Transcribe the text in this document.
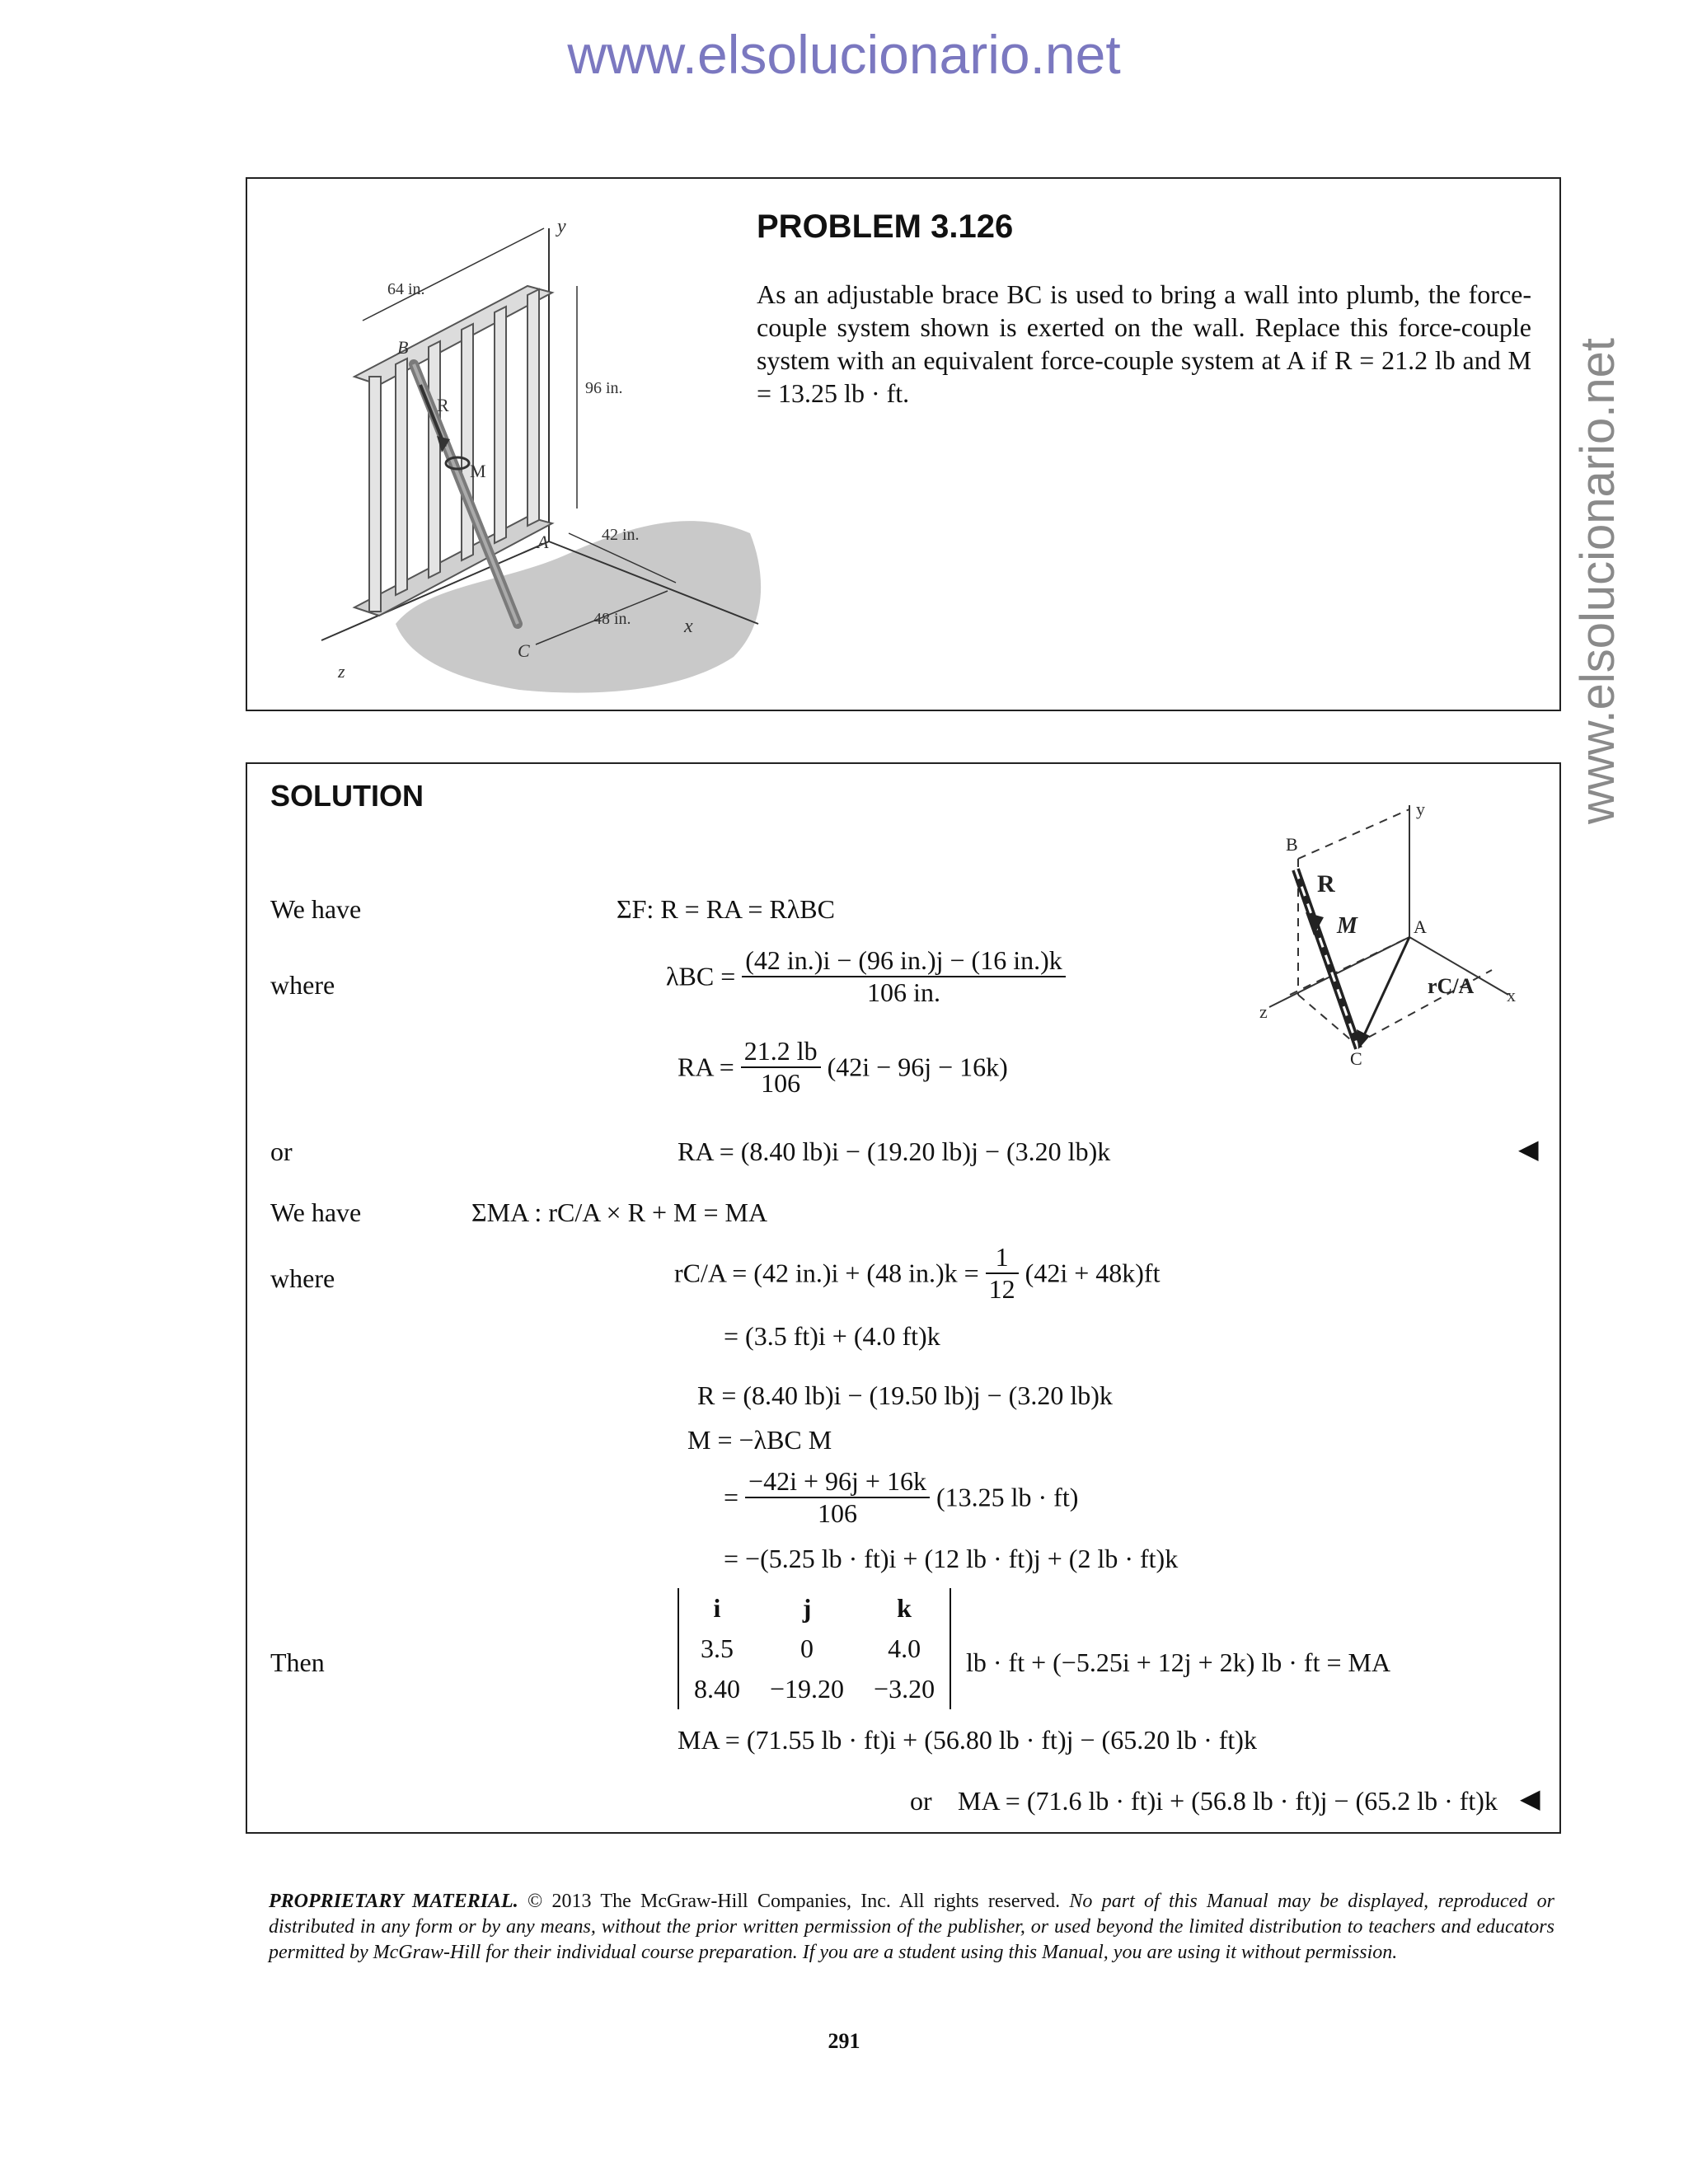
www.elsolucionario.net
www.elsolucionario.net
y
x
z
R
M
B
A
C
64 in.
96 in.
42 in.
48 in.
PROBLEM 3.126
As an adjustable brace BC is used to bring a wall into plumb, the force-couple system shown is exerted on the wall. Replace this force-couple system with an equivalent force-couple system at A if R = 21.2 lb and M = 13.25 lb · ft.
SOLUTION	y
x
z
R
M
B
A
rC/A
C
We have	ΣF: R = RA = RλBC
where	$\lambda BC = \frac{(42 in.)i - (96 in.)j - (16 in.)k}{106 in.}$
RA = $\frac{21.2 lb}{106} (42i - 96j - 16k)$
or	RA = (8.40 lb)i − (19.20 lb)j − (3.20 lb)k	◀
We have	ΣMA : rC/A × R + M = MA
where	rC/A = (42 in.)i + (48 $in.)k = \frac{1}{12} (42i + 48k)ft$
= (3.5 ft)i + (4.0 ft)k
R = (8.40 lb)i − (19.50 lb)j − (3.20 lb)k
M = −λBC M
= $\frac{-42i + 96j + 16k}{106} (13.25$ lb · ft)
= −(5.25 lb · ft)i + (12 lb · ft)j + (2 lb · ft)k
Then
i	j	k
3.5	0	4.0
8.40	−19.20	−3.20
lb · ft + (−5.25i + 12j + 2k) lb · ft = MA
MA = (71.55 lb · ft)i + (56.80 lb · ft)j − (65.20 lb · ft)k
or MA = (71.6 lb · ft)i + (56.8 lb · ft)j − (65.2 lb · ft)k ◀
PROPRIETARY MATERIAL. © 2013 The McGraw-Hill Companies, Inc. All rights reserved. No part of this Manual may be displayed, reproduced or distributed in any form or by any means, without the prior written permission of the publisher, or used beyond the limited distribution to teachers and educators permitted by McGraw-Hill for their individual course preparation. If you are a student using this Manual, you are using it without permission.
291
